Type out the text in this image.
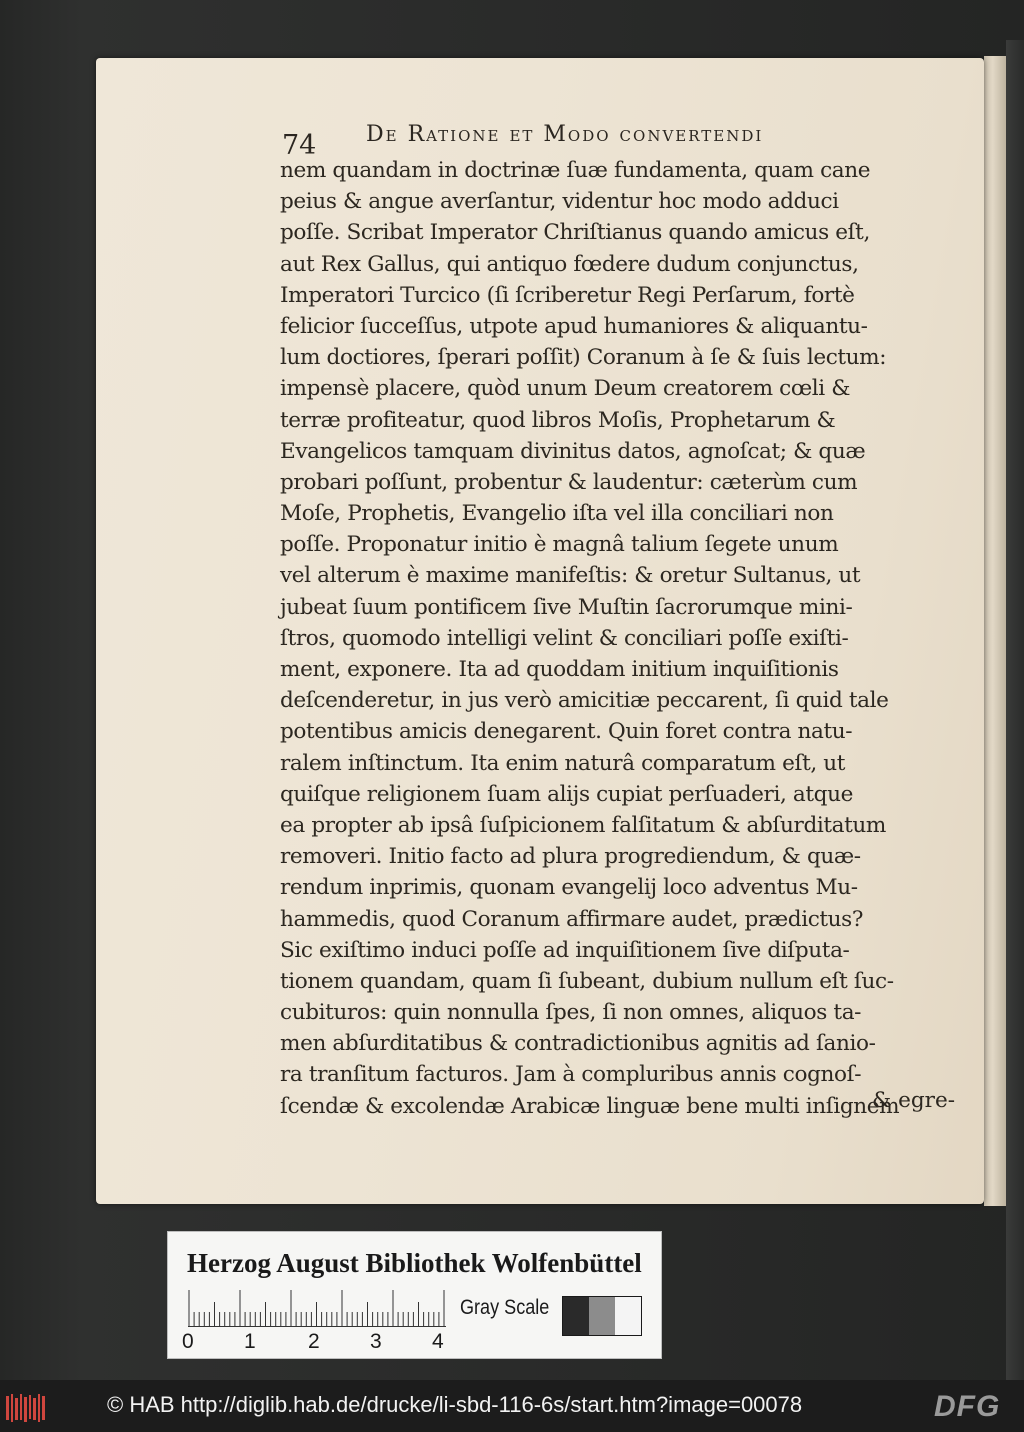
74 De Ratione et Modo convertendi
nem quandam in doctrinæ ſuæ fundamenta, quam cane
peius & angue averſantur, videntur hoc modo adduci
poſſe. Scribat Imperator Chriſtianus quando amicus eſt,
aut Rex Gallus, qui antiquo fœdere dudum conjunctus,
Imperatori Turcico (ſi ſcriberetur Regi Perſarum, fortè
felicior ſucceſſus, utpote apud humaniores & aliquantu-
lum doctiores, ſperari poſſit) Coranum à ſe & ſuis lectum:
impensè placere, quòd unum Deum creatorem cœli &
terræ profiteatur, quod libros Moſis, Prophetarum &
Evangelicos tamquam divinitus datos, agnoſcat; & quæ
probari poſſunt, probentur & laudentur: cæterùm cum
Moſe, Prophetis, Evangelio iſta vel illa conciliari non
poſſe. Proponatur initio è magnâ talium ſegete unum
vel alterum è maxime manifeſtis: & oretur Sultanus, ut
jubeat ſuum pontificem ſive Muſtin ſacrorumque mini-
ſtros, quomodo intelligi velint & conciliari poſſe exiſti-
ment, exponere. Ita ad quoddam initium inquiſitionis
deſcenderetur, in jus verò amicitiæ peccarent, ſi quid tale
potentibus amicis denegarent. Quin foret contra natu-
ralem inſtinctum. Ita enim naturâ comparatum eſt, ut
quiſque religionem ſuam alijs cupiat perſuaderi, atque
ea propter ab ipsâ ſuſpicionem falſitatum & abſurditatum
removeri. Initio facto ad plura progrediendum, & quæ-
rendum inprimis, quonam evangelij loco adventus Mu-
hammedis, quod Coranum affirmare audet, prædictus?
Sic exiſtimo induci poſſe ad inquiſitionem ſive diſputa-
tionem quandam, quam ſi ſubeant, dubium nullum eſt ſuc-
cubituros: quin nonnulla ſpes, ſi non omnes, aliquos ta-
men abſurditatibus & contradictionibus agnitis ad ſanio-
ra tranſitum facturos. Jam à compluribus annis cognoſ-
ſcendæ & excolendæ Arabicæ linguæ bene multi inſignem
& egre-
Herzog August Bibliothek Wolfenbüttel
0 1 2 3 4
Gray Scale
© HAB http://diglib.hab.de/drucke/li-sbd-116-6s/start.htm?image=00078	DFG
